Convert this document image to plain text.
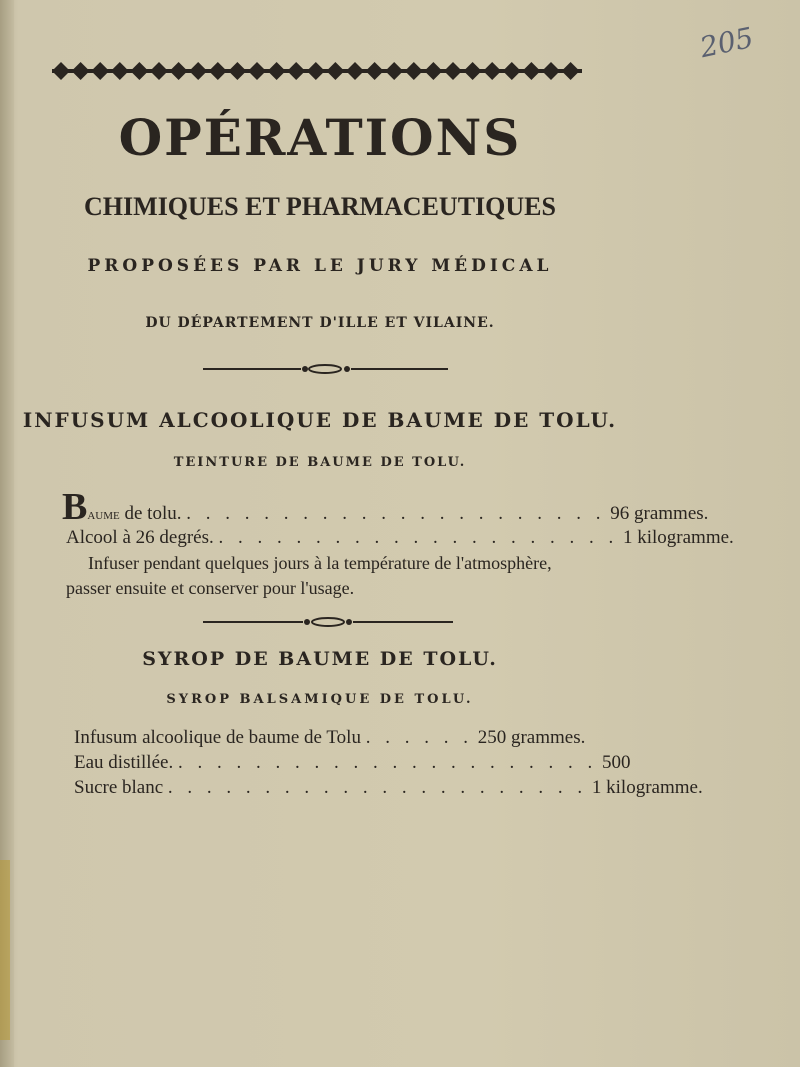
205
OPÉRATIONS
CHIMIQUES ET PHARMACEUTIQUES
PROPOSÉES PAR LE JURY MÉDICAL
DU DÉPARTEMENT D'ILLE ET VILAINE.
INFUSUM ALCOOLIQUE DE BAUME DE TOLU.
TEINTURE DE BAUME DE TOLU.
Baume de tolu. . . . . . . . . . . . . . . . . . . . . . . 96 grammes.
Alcool à 26 degrés. . . . . . . . . . . . . . . . . . . . . . 1 kilogramme.
Infuser pendant quelques jours à la température de l'atmosphère,
passer ensuite et conserver pour l'usage.
SYROP DE BAUME DE TOLU.
SYROP BALSAMIQUE DE TOLU.
Infusum alcoolique de baume de Tolu . . . . . . 250 grammes.
Eau distillée. . . . . . . . . . . . . . . . . . . . . . . 500
Sucre blanc . . . . . . . . . . . . . . . . . . . . . . 1 kilogramme.
